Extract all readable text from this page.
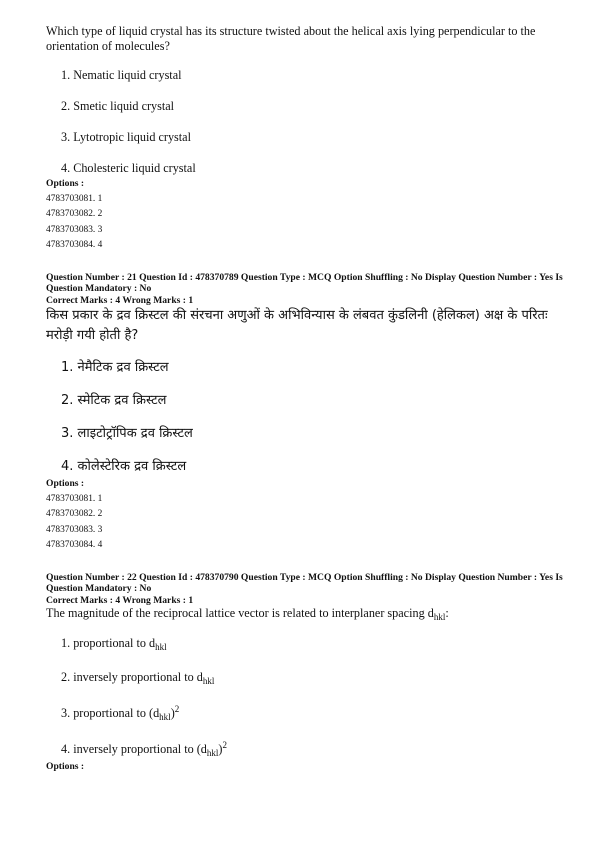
Which type of liquid crystal has its structure twisted about the helical axis lying perpendicular to the orientation of molecules?

1. Nematic liquid crystal

2. Smetic liquid crystal

3. Lytotropic liquid crystal

4. Cholesteric liquid crystal

Options :

4783703081. 1

4783703082. 2

4783703083. 3

4783703084. 4

Question Number : 21 Question Id : 478370789 Question Type : MCQ Option Shuffling : No Display Question Number : Yes Is Question Mandatory : No

Correct Marks : 4 Wrong Marks : 1

किस प्रकार के द्रव क्रिस्टल की संरचना अणुओं के अभिविन्यास के लंबवत कुंडलिनी (हेलिकल) अक्ष के परितः मरोड़ी गयी होती है?

1. नेमैटिक द्रव क्रिस्टल

2. स्मेटिक द्रव क्रिस्टल

3. लाइटोट्रॉपिक द्रव क्रिस्टल

4. कोलेस्टेरिक द्रव क्रिस्टल

Options :

4783703081. 1

4783703082. 2

4783703083. 3

4783703084. 4

Question Number : 22 Question Id : 478370790 Question Type : MCQ Option Shuffling : No Display Question Number : Yes Is Question Mandatory : No

Correct Marks : 4 Wrong Marks : 1

The magnitude of the reciprocal lattice vector is related to interplaner spacing $d_{hkl}$:

1. proportional to $d_{hkl}$

2. inversely proportional to $d_{hkl}$

3. proportional to $(d_{hkl})^2$

4. inversely proportional to $(d_{hkl})^2$

Options :
